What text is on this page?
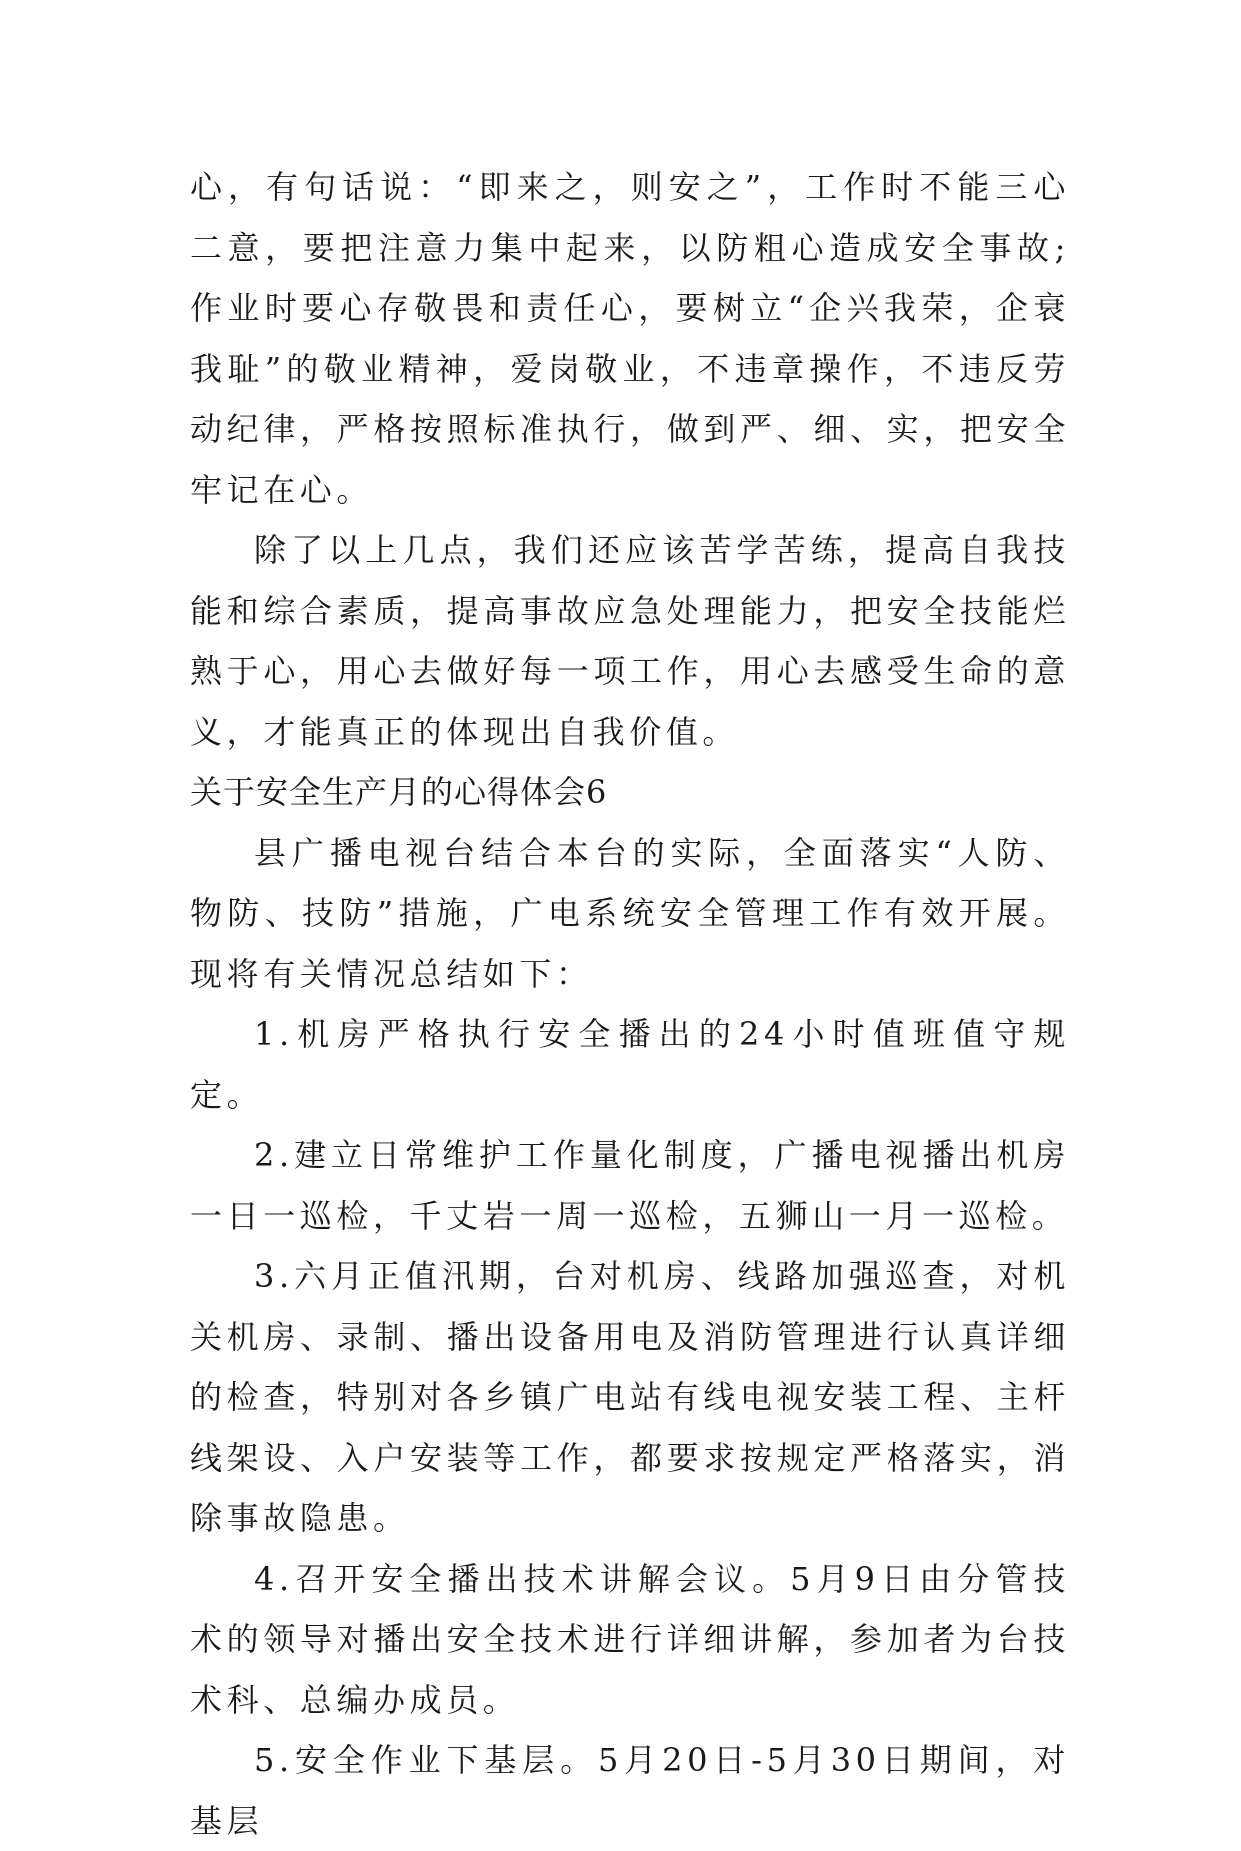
心，有句话说：“即来之，则安之”，工作时不能三心二意，要把注意力集中起来，以防粗心造成安全事故;作业时要心存敬畏和责任心，要树立“企兴我荣，企衰我耻”的敬业精神，爱岗敬业，不违章操作，不违反劳动纪律，严格按照标准执行，做到严、细、实，把安全牢记在心。

除了以上几点，我们还应该苦学苦练，提高自我技能和综合素质，提高事故应急处理能力，把安全技能烂熟于心，用心去做好每一项工作，用心去感受生命的意义，才能真正的体现出自我价值。

关于安全生产月的心得体会6

县广播电视台结合本台的实际，全面落实“人防、物防、技防”措施，广电系统安全管理工作有效开展。现将有关情况总结如下：

1.机房严格执行安全播出的24小时值班值守规定。

2.建立日常维护工作量化制度，广播电视播出机房一日一巡检，千丈岩一周一巡检，五狮山一月一巡检。

3.六月正值汛期，台对机房、线路加强巡查，对机关机房、录制、播出设备用电及消防管理进行认真详细的检查，特别对各乡镇广电站有线电视安装工程、主杆线架设、入户安装等工作，都要求按规定严格落实，消除事故隐患。

4.召开安全播出技术讲解会议。5月9日由分管技术的领导对播出安全技术进行详细讲解，参加者为台技术科、总编办成员。

5.安全作业下基层。5月20日-5月30日期间，对基层
